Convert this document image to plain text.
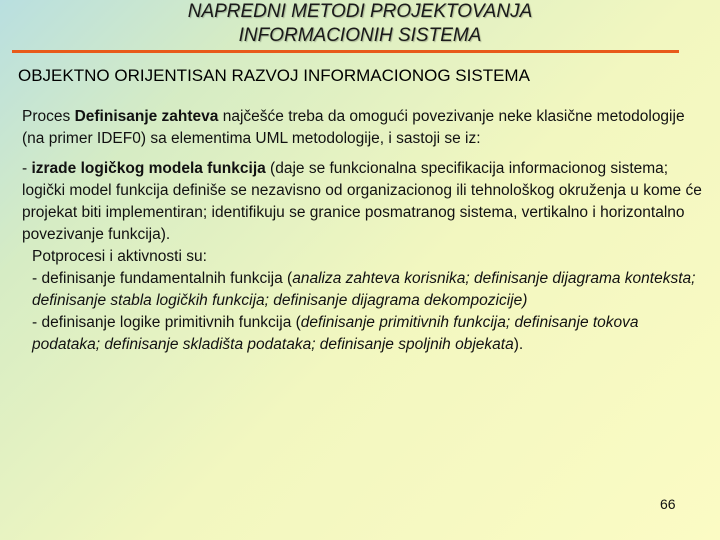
NAPREDNI METODI PROJEKTOVANJA
INFORMACIONIH SISTEMA
OBJEKTNO ORIJENTISAN RAZVOJ INFORMACIONOG SISTEMA

Proces Definisanje zahteva najčešće treba da omogući povezivanje neke klasične metodologije (na primer IDEF0) sa elementima UML metodologije, i sastoji se iz:

- izrade logičkog modela funkcija (daje se funkcionalna specifikacija informacionog sistema; logički model funkcija definiše se nezavisno od organizacionog ili tehnološkog okruženja u kome će projekat biti implementiran; identifikuju se granice posmatranog sistema, vertikalno i horizontalno povezivanje funkcija).

Potprocesi i aktivnosti su:

- definisanje fundamentalnih funkcija (analiza zahteva korisnika; definisanje dijagrama konteksta; definisanje stabla logičkih funkcija; definisanje dijagrama dekompozicije)

- definisanje logike primitivnih funkcija (definisanje primitivnih funkcija; definisanje tokova podataka; definisanje skladišta podataka; definisanje spoljnih objekata).

66
